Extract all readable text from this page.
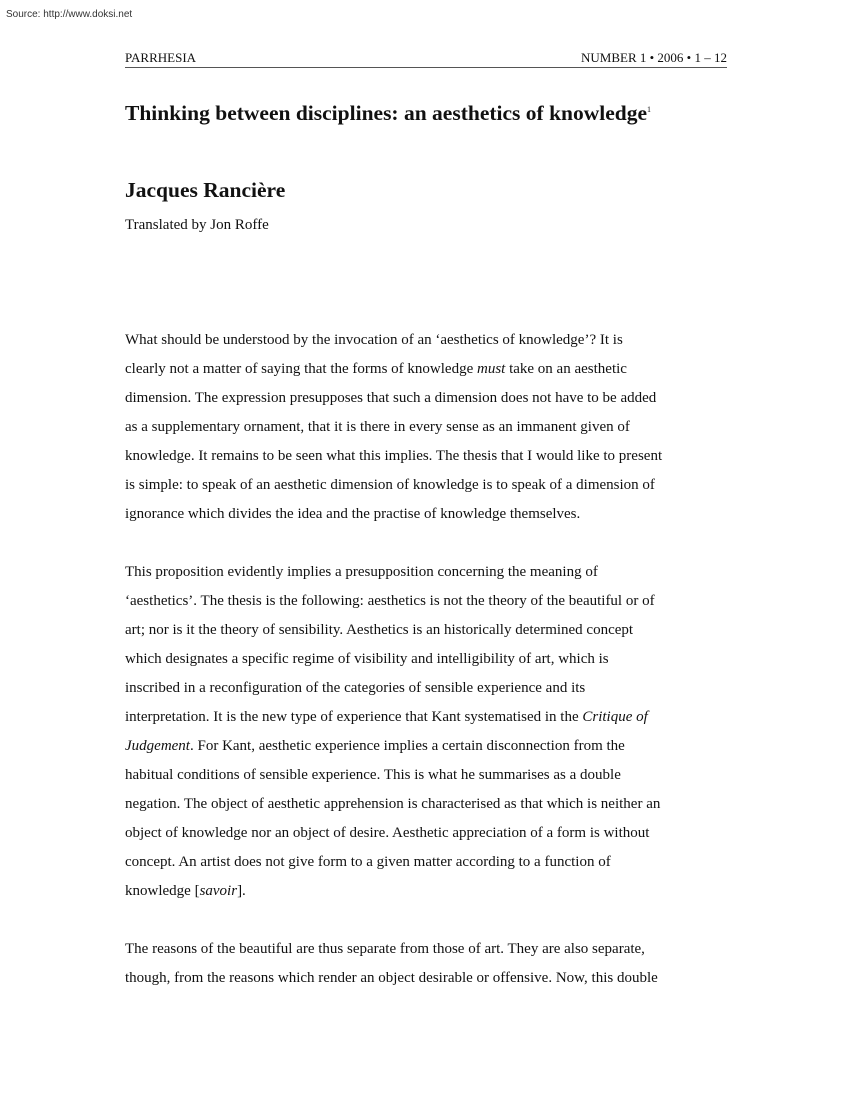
Source: http://www.doksi.net
PARRHESIA	NUMBER 1 • 2006 • 1 – 12
Thinking between disciplines: an aesthetics of knowledge$^1$
Jacques Rancière
Translated by Jon Roffe

What should be understood by the invocation of an ‘aesthetics of knowledge’? It is
clearly not a matter of saying that the forms of knowledge must take on an aesthetic
dimension. The expression presupposes that such a dimension does not have to be added
as a supplementary ornament, that it is there in every sense as an immanent given of
knowledge. It remains to be seen what this implies. The thesis that I would like to present
is simple: to speak of an aesthetic dimension of knowledge is to speak of a dimension of
ignorance which divides the idea and the practise of knowledge themselves.

This proposition evidently implies a presupposition concerning the meaning of
‘aesthetics’. The thesis is the following: aesthetics is not the theory of the beautiful or of
art; nor is it the theory of sensibility. Aesthetics is an historically determined concept
which designates a specific regime of visibility and intelligibility of art, which is
inscribed in a reconfiguration of the categories of sensible experience and its
interpretation. It is the new type of experience that Kant systematised in the Critique of
Judgement. For Kant, aesthetic experience implies a certain disconnection from the
habitual conditions of sensible experience. This is what he summarises as a double
negation. The object of aesthetic apprehension is characterised as that which is neither an
object of knowledge nor an object of desire. Aesthetic appreciation of a form is without
concept. An artist does not give form to a given matter according to a function of
knowledge [savoir].

The reasons of the beautiful are thus separate from those of art. They are also separate,
though, from the reasons which render an object desirable or offensive. Now, this double
